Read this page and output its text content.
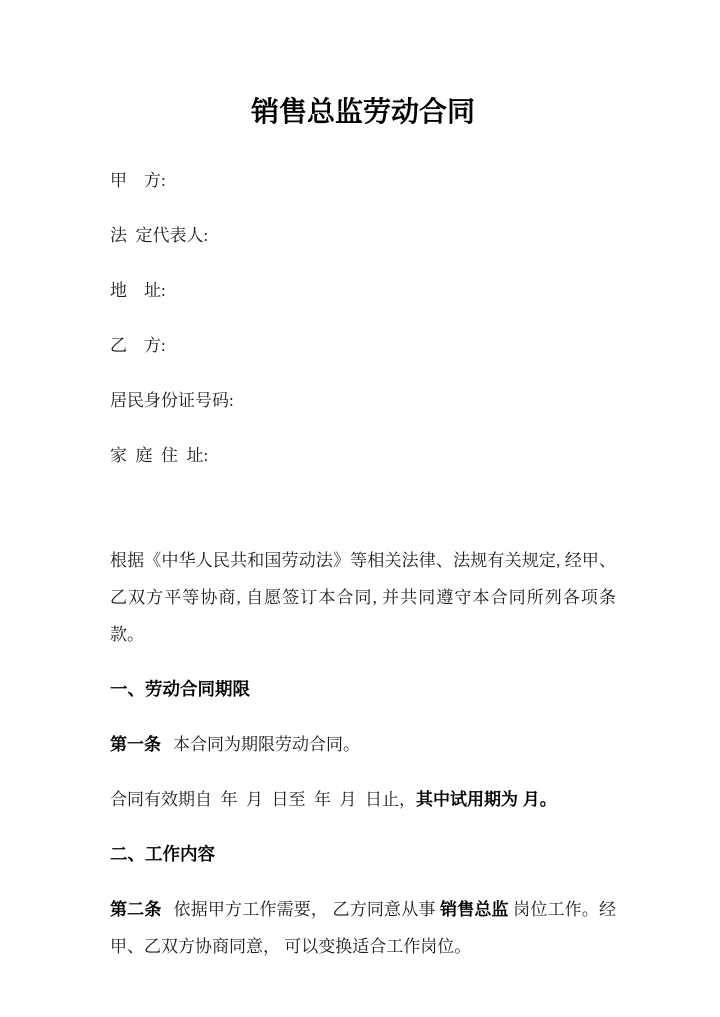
销售总监劳动合同

甲　方:

法  定代表人:

地　址:

乙　方:

居民身份证号码:

家  庭  住  址:

根据《中华人民共和国劳动法》等相关法律、法规有关规定, 经甲、乙双方平等协商, 自愿签订本合同, 并共同遵守本合同所列各项条款。

一、劳动合同期限

第一条 本合同为期限劳动合同。

合同有效期自  年  月  日至  年  月  日止，其中试用期为 月。

二、工作内容

第二条 依据甲方工作需要， 乙方同意从事 销售总监 岗位工作。经甲、乙双方协商同意， 可以变换适合工作岗位。
